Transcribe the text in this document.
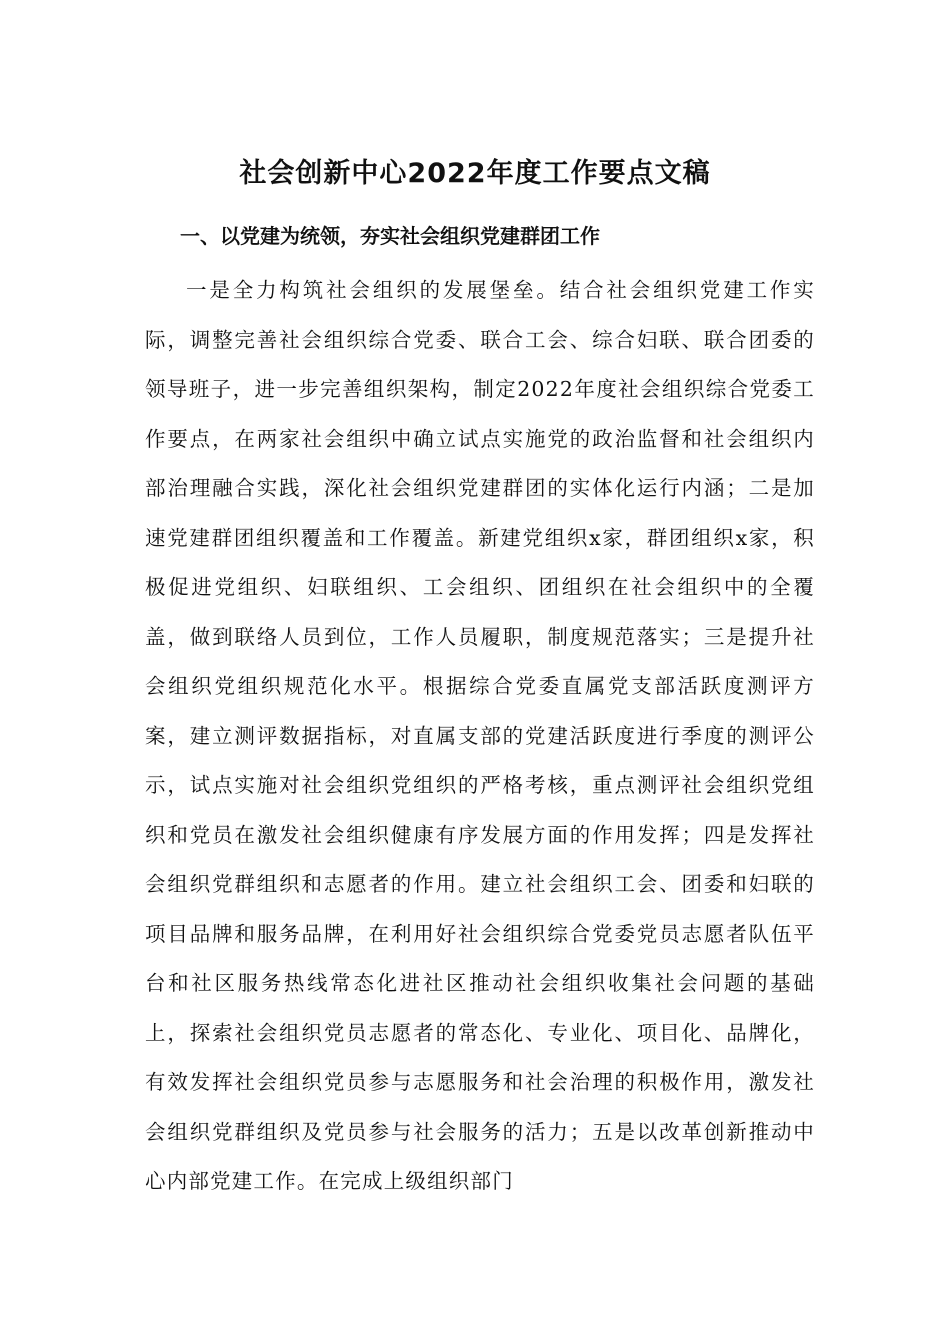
社会创新中心2022年度工作要点文稿
一、以党建为统领，夯实社会组织党建群团工作

一是全力构筑社会组织的发展堡垒。结合社会组织党建工作实际，调整完善社会组织综合党委、联合工会、综合妇联、联合团委的领导班子，进一步完善组织架构，制定2022年度社会组织综合党委工作要点，在两家社会组织中确立试点实施党的政治监督和社会组织内部治理融合实践，深化社会组织党建群团的实体化运行内涵；二是加速党建群团组织覆盖和工作覆盖。新建党组织x家，群团组织x家，积极促进党组织、妇联组织、工会组织、团组织在社会组织中的全覆盖，做到联络人员到位，工作人员履职，制度规范落实；三是提升社会组织党组织规范化水平。根据综合党委直属党支部活跃度测评方案，建立测评数据指标，对直属支部的党建活跃度进行季度的测评公示，试点实施对社会组织党组织的严格考核，重点测评社会组织党组织和党员在激发社会组织健康有序发展方面的作用发挥；四是发挥社会组织党群组织和志愿者的作用。建立社会组织工会、团委和妇联的项目品牌和服务品牌，在利用好社会组织综合党委党员志愿者队伍平台和社区服务热线常态化进社区推动社会组织收集社会问题的基础上，探索社会组织党员志愿者的常态化、专业化、项目化、品牌化，有效发挥社会组织党员参与志愿服务和社会治理的积极作用，激发社会组织党群组织及党员参与社会服务的活力；五是以改革创新推动中心内部党建工作。在完成上级组织部门
